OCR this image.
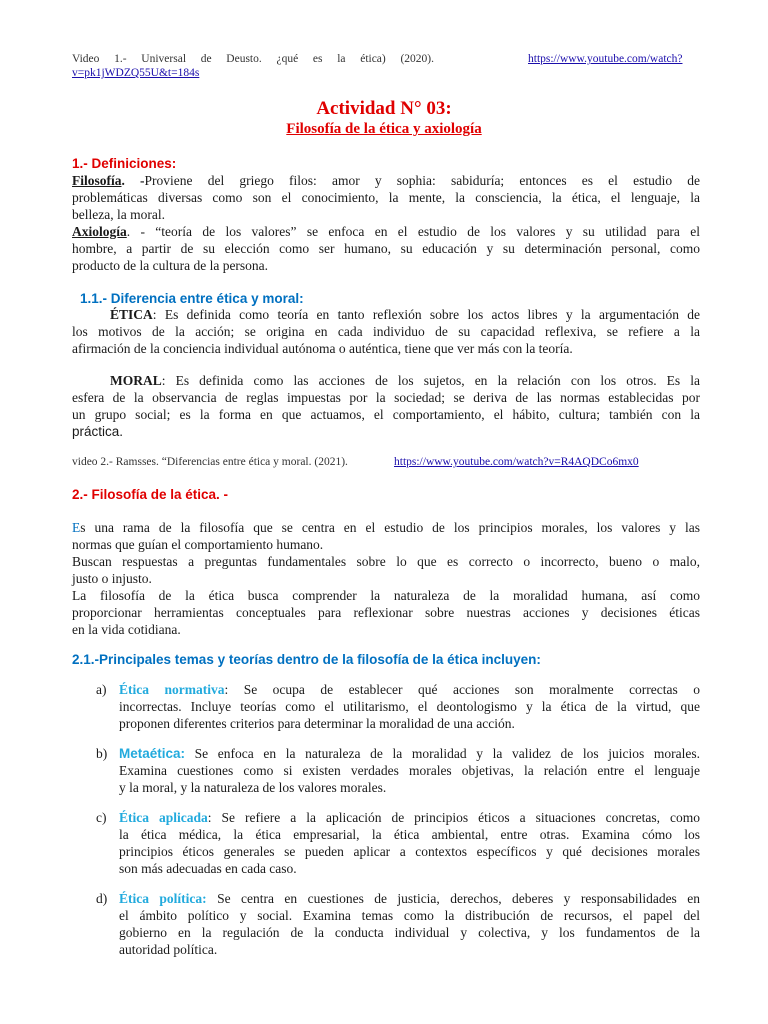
Video 1.- Universal de Deusto. ¿qué es la ética) (2020).	https://www.youtube.com/watch?
v=pk1jWDZQ55U&t=184s
Actividad N° 03:
Filosofía de la ética y axiología
1.- Definiciones:
Filosofía. -Proviene del griego filos: amor y sophia: sabiduría; entonces es el estudio de
problemáticas diversas como son el conocimiento, la mente, la consciencia, la ética, el lenguaje, la
belleza, la moral.
Axiología. - “teoría de los valores” se enfoca en el estudio de los valores y su utilidad para el
hombre, a partir de su elección como ser humano, su educación y su determinación personal, como
producto de la cultura de la persona.
1.1.- Diferencia entre ética y moral:
ÉTICA: Es definida como teoría en tanto reflexión sobre los actos libres y la argumentación de
los motivos de la acción; se origina en cada individuo de su capacidad reflexiva, se refiere a la
afirmación de la conciencia individual autónoma o auténtica, tiene que ver más con la teoría.
MORAL: Es definida como las acciones de los sujetos, en la relación con los otros. Es la
esfera de la observancia de reglas impuestas por la sociedad; se deriva de las normas establecidas por
un grupo social; es la forma en que actuamos, el comportamiento, el hábito, cultura; también con la
práctica.
video 2.- Ramsses. “Diferencias entre ética y moral. (2021).	https://www.youtube.com/watch?v=R4AQDCo6mx0
2.- Filosofía de la ética. -
Es una rama de la filosofía que se centra en el estudio de los principios morales, los valores y las
normas que guían el comportamiento humano.
Buscan respuestas a preguntas fundamentales sobre lo que es correcto o incorrecto, bueno o malo,
justo o injusto.
La filosofía de la ética busca comprender la naturaleza de la moralidad humana, así como
proporcionar herramientas conceptuales para reflexionar sobre nuestras acciones y decisiones éticas
en la vida cotidiana.
2.1.-Principales temas y teorías dentro de la filosofía de la ética incluyen:
a) Ética normativa: Se ocupa de establecer qué acciones son moralmente correctas o
incorrectas. Incluye teorías como el utilitarismo, el deontologismo y la ética de la virtud, que
proponen diferentes criterios para determinar la moralidad de una acción.
b) Metaética: Se enfoca en la naturaleza de la moralidad y la validez de los juicios morales.
Examina cuestiones como si existen verdades morales objetivas, la relación entre el lenguaje
y la moral, y la naturaleza de los valores morales.
c) Ética aplicada: Se refiere a la aplicación de principios éticos a situaciones concretas, como
la ética médica, la ética empresarial, la ética ambiental, entre otras. Examina cómo los
principios éticos generales se pueden aplicar a contextos específicos y qué decisiones morales
son más adecuadas en cada caso.
d) Ética política: Se centra en cuestiones de justicia, derechos, deberes y responsabilidades en
el ámbito político y social. Examina temas como la distribución de recursos, el papel del
gobierno en la regulación de la conducta individual y colectiva, y los fundamentos de la
autoridad política.
